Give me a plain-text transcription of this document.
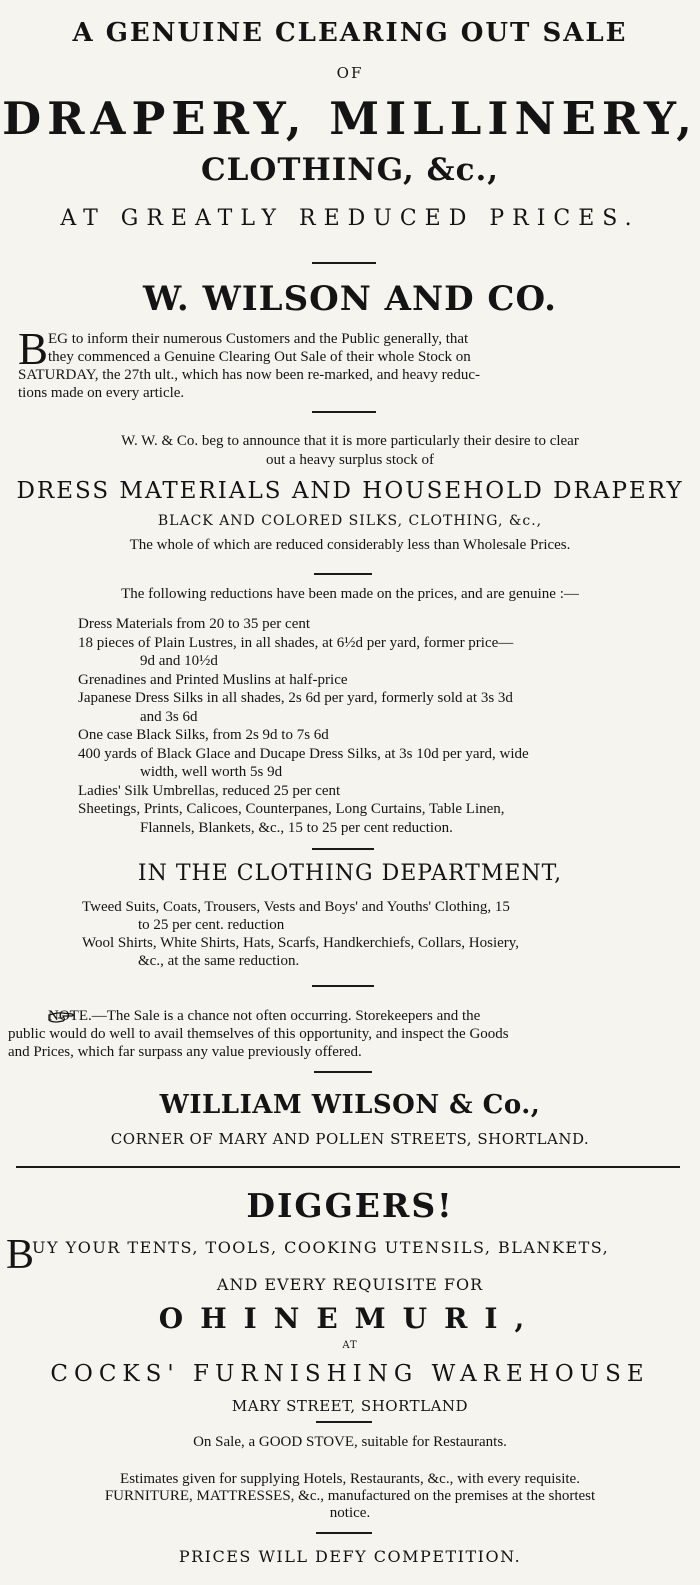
A GENUINE CLEARING OUT SALE
OF
DRAPERY, MILLINERY,
CLOTHING, &c.,
AT GREATLY REDUCED PRICES.
W. WILSON AND CO.
B EG to inform their numerous Customers and the Public generally, that
they commenced a Genuine Clearing Out Sale of their whole Stock on
SATURDAY, the 27th ult., which has now been re-marked, and heavy reduc-
tions made on every article.
W. W. & Co. beg to announce that it is more particularly their desire to clear
out a heavy surplus stock of
DRESS MATERIALS AND HOUSEHOLD DRAPERY
BLACK AND COLORED SILKS, CLOTHING, &c.,
The whole of which are reduced considerably less than Wholesale Prices.
The following reductions have been made on the prices, and are genuine :—
Dress Materials from 20 to 35 per cent
18 pieces of Plain Lustres, in all shades, at 6½d per yard, former price—
9d and 10½d
Grenadines and Printed Muslins at half-price
Japanese Dress Silks in all shades, 2s 6d per yard, formerly sold at 3s 3d
and 3s 6d
One case Black Silks, from 2s 9d to 7s 6d
400 yards of Black Glace and Ducape Dress Silks, at 3s 10d per yard, wide
width, well worth 5s 9d
Ladies' Silk Umbrellas, reduced 25 per cent
Sheetings, Prints, Calicoes, Counterpanes, Long Curtains, Table Linen,
Flannels, Blankets, &c., 15 to 25 per cent reduction.
IN THE CLOTHING DEPARTMENT,
Tweed Suits, Coats, Trousers, Vests and Boys' and Youths' Clothing, 15
to 25 per cent. reduction
Wool Shirts, White Shirts, Hats, Scarfs, Handkerchiefs, Collars, Hosiery,
&c., at the same reduction.
NOTE.—The Sale is a chance not often occurring. Storekeepers and the
public would do well to avail themselves of this opportunity, and inspect the Goods
and Prices, which far surpass any value previously offered.
WILLIAM WILSON & Co.,
CORNER OF MARY AND POLLEN STREETS, SHORTLAND.
DIGGERS!
B
UY YOUR TENTS, TOOLS, COOKING UTENSILS, BLANKETS,
AND EVERY REQUISITE FOR
OHINEMURI,
AT
COCKS' FURNISHING WAREHOUSE
MARY STREET, SHORTLAND
On Sale, a GOOD STOVE, suitable for Restaurants.
Estimates given for supplying Hotels, Restaurants, &c., with every requisite.
FURNITURE, MATTRESSES, &c., manufactured on the premises at the shortest
notice.
PRICES WILL DEFY COMPETITION.
